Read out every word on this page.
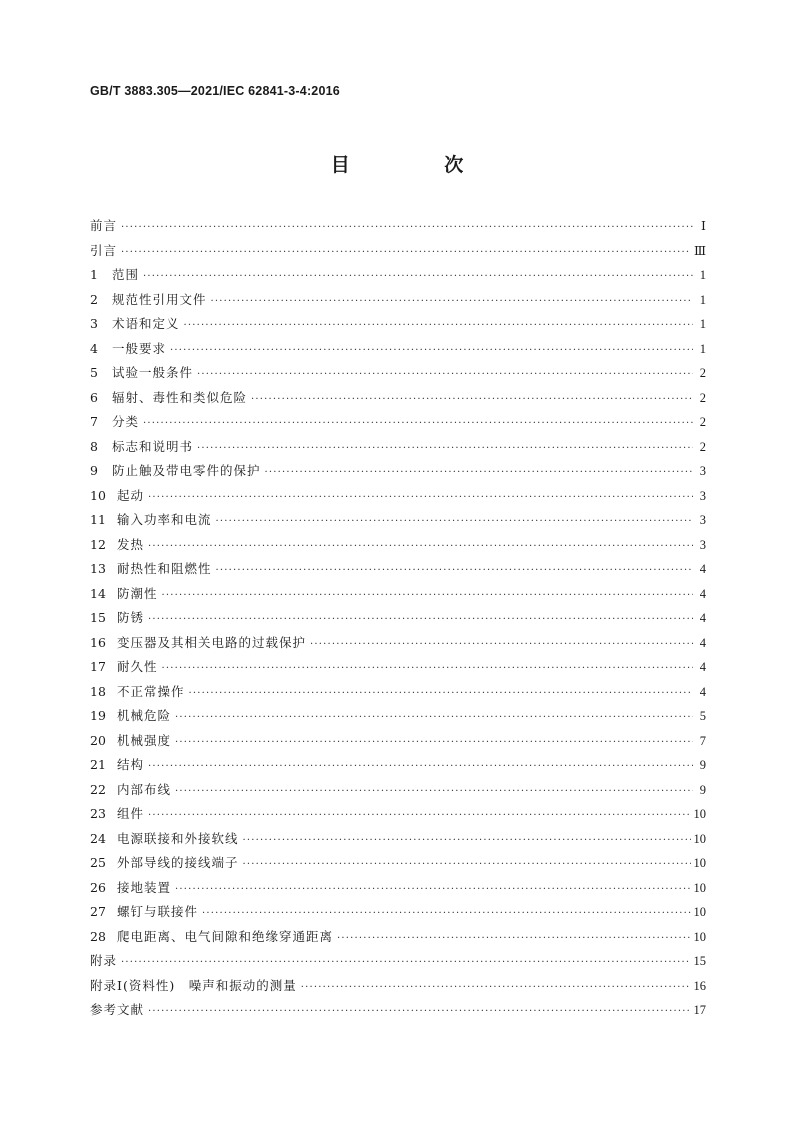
GB/T 3883.305—2021/IEC 62841-3-4:2016
目 次
前言 ·····	Ⅰ
引言 ·····	Ⅲ
1	范围 ·····	1
2	规范性引用文件 ·····	1
3	术语和定义 ·····	1
4	一般要求 ·····	1
5	试验一般条件 ·····	2
6	辐射、毒性和类似危险 ·····	2
7	分类 ·····	2
8	标志和说明书 ·····	2
9	防止触及带电零件的保护 ·····	3
10 起动 ·····	3
11 输入功率和电流 ·····	3
12 发热 ·····	3
13 耐热性和阻燃性 ·····	4
14 防潮性 ·····	4
15 防锈 ·····	4
16 变压器及其相关电路的过载保护 ·····	4
17 耐久性 ·····	4
18 不正常操作 ·····	4
19 机械危险 ·····	5
20 机械强度 ·····	7
21 结构 ·····	9
22 内部布线 ·····	9
23 组件 ·····	10
24 电源联接和外接软线 ·····	10
25 外部导线的接线端子 ·····	10
26 接地装置 ·····	10
27 螺钉与联接件 ·····	10
28 爬电距离、电气间隙和绝缘穿通距离 ·····	10
附录 ·····	15
附录Ⅰ(资料性)　噪声和振动的测量 ·····	16
参考文献 ·····	17
